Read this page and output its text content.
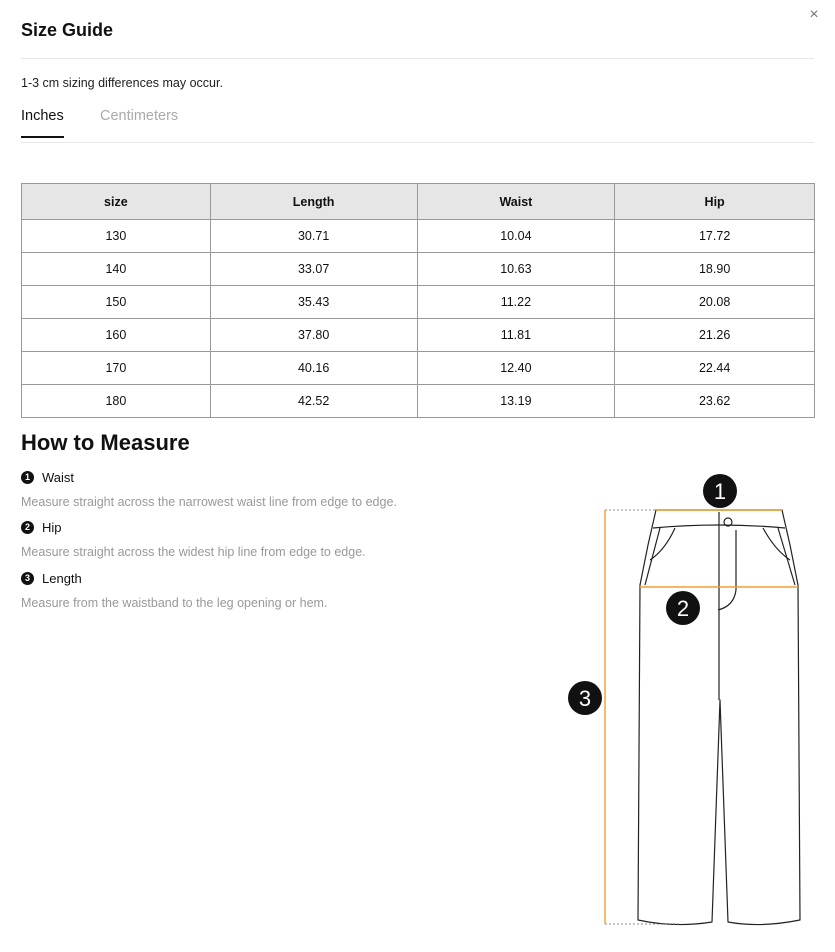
×
Size Guide
1-3 cm sizing differences may occur.
Inches	Centimeters
size	Length	Waist	Hip
130	30.71	10.04	17.72
140	33.07	10.63	18.90
150	35.43	11.22	20.08
160	37.80	11.81	21.26
170	40.16	12.40	22.44
180	42.52	13.19	23.62
How to Measure
1 Waist
Measure straight across the narrowest waist line from edge to edge.
2 Hip
Measure straight across the widest hip line from edge to edge.
3 Length
Measure from the waistband to the leg opening or hem.
1
2
3
